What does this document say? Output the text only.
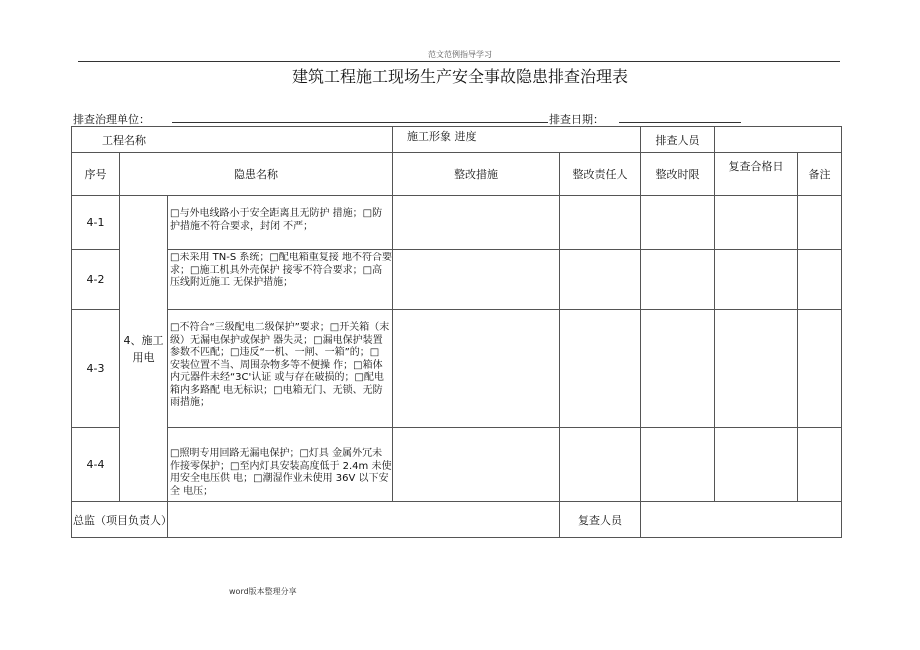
范文范例指导学习
建筑工程施工现场生产安全事故隐患排查治理表
排查治理单位：	排查日期：
工程名称			施工形象 进度		排查人员		
序号	隐患名称		整改措施	整改责任人	整改时限	复查合格日	备注
4-1	4、施工 用电	□与外电线路小于安全距离且无防护 措施；□防护措施不符合要求，封闭 不严；					

4-2		□未采用 TN-S 系统；□配电箱重复接 地不符合要求；□施工机具外壳保护 接零不符合要求；□高压线附近施工 无保护措施；					

4-3		□不符合“三级配电二级保护”要求；□开关箱（末级）无漏电保护或保护 器失灵；□漏电保护装置参数不匹配；□违反“一机、一闸、一箱”的；□ 安装位置不当、周围杂物多等不便操 作；□箱体内元器件未经“3C'认证 或与存在破损的；□配电箱内多路配 电无标识；□电箱无门、无锁、无防 雨措施；					

4-4		□照明专用回路无漏电保护；□灯具 金属外冗未作接零保护；□至内灯具安装高度低于 2.4m 未使用安全电压供 电；□潮湿作业未使用 36V 以下安全 电压；					

总监（项目负责人）				复查人员			
word版本整理分享
